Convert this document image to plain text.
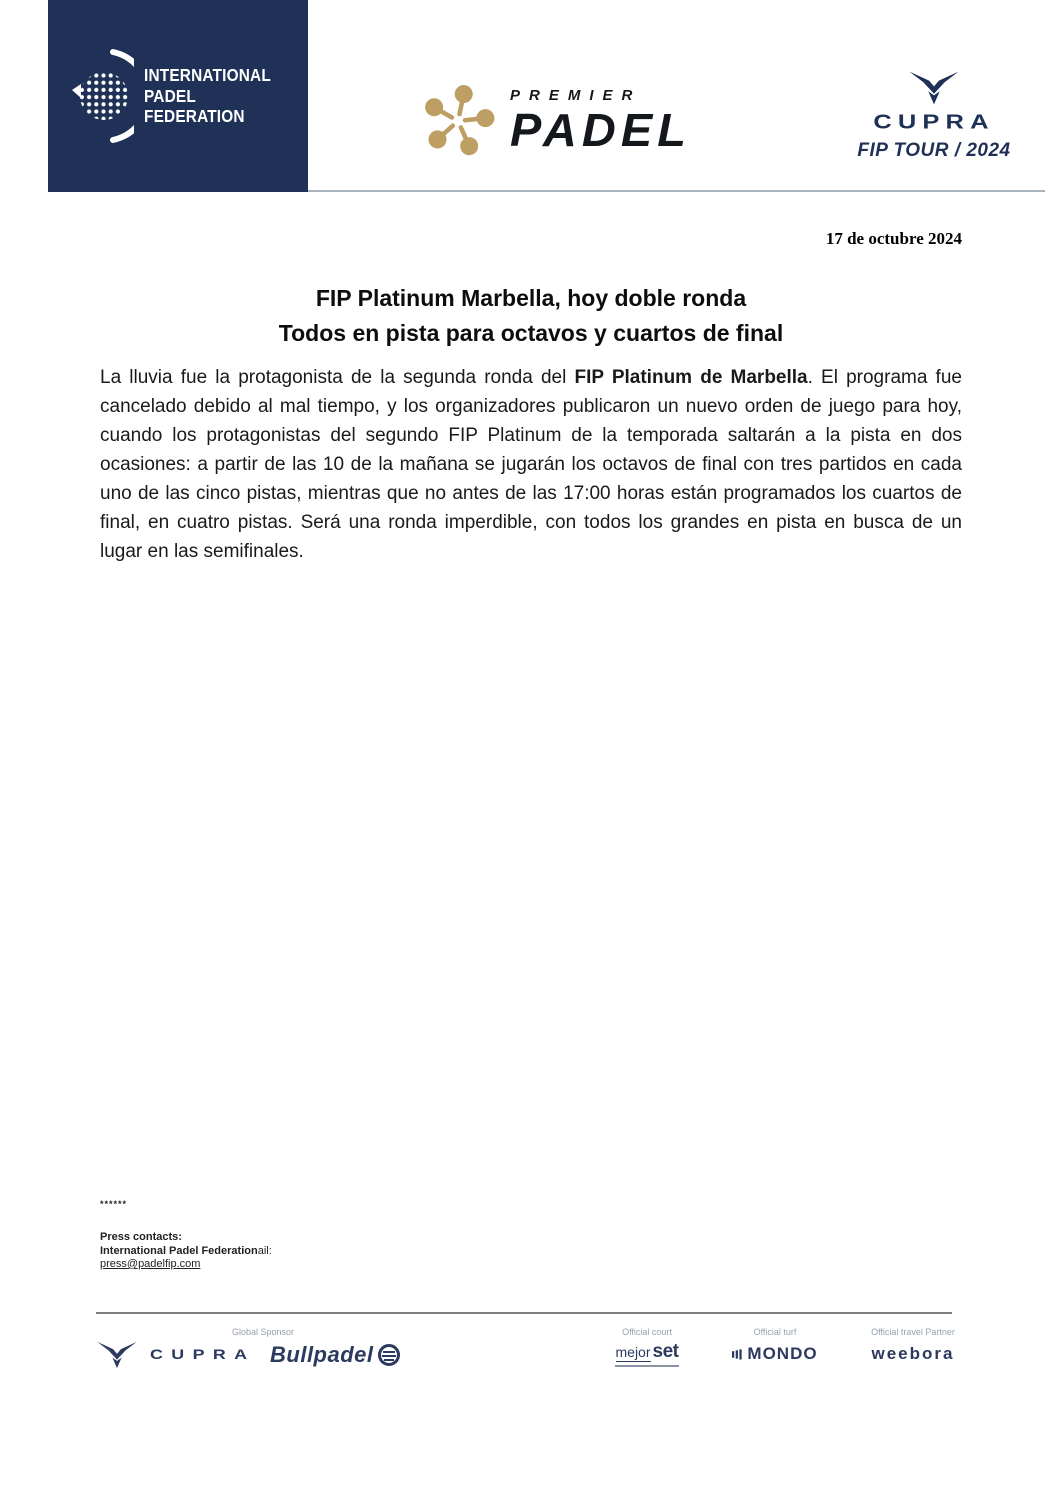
INTERNATIONAL
PADEL
FEDERATION
PREMIER
PADEL	CUPRA
FIP TOUR / 2024
17 de octubre 2024
FIP Platinum Marbella, hoy doble ronda
Todos en pista para octavos y cuartos de final

La lluvia fue la protagonista de la segunda ronda del FIP Platinum de Marbella. El programa fue cancelado debido al mal tiempo, y los organizadores publicaron un nuevo orden de juego para hoy, cuando los protagonistas del segundo FIP Platinum de la temporada saltarán a la pista en dos ocasiones: a partir de las 10 de la mañana se jugarán los octavos de final con tres partidos en cada uno de las cinco pistas, mientras que no antes de las 17:00 horas están programados los cuartos de final, en cuatro pistas. Será una ronda imperdible, con todos los grandes en pista en busca de un lugar en las semifinales.

******
Press contacts:
International Padel Federationail:
press@padelfip.com
Global Sponsor	Official court	Official turf	Official travel Partner
CUPRA Bullpadel	mejor set	MONDO	weebora
